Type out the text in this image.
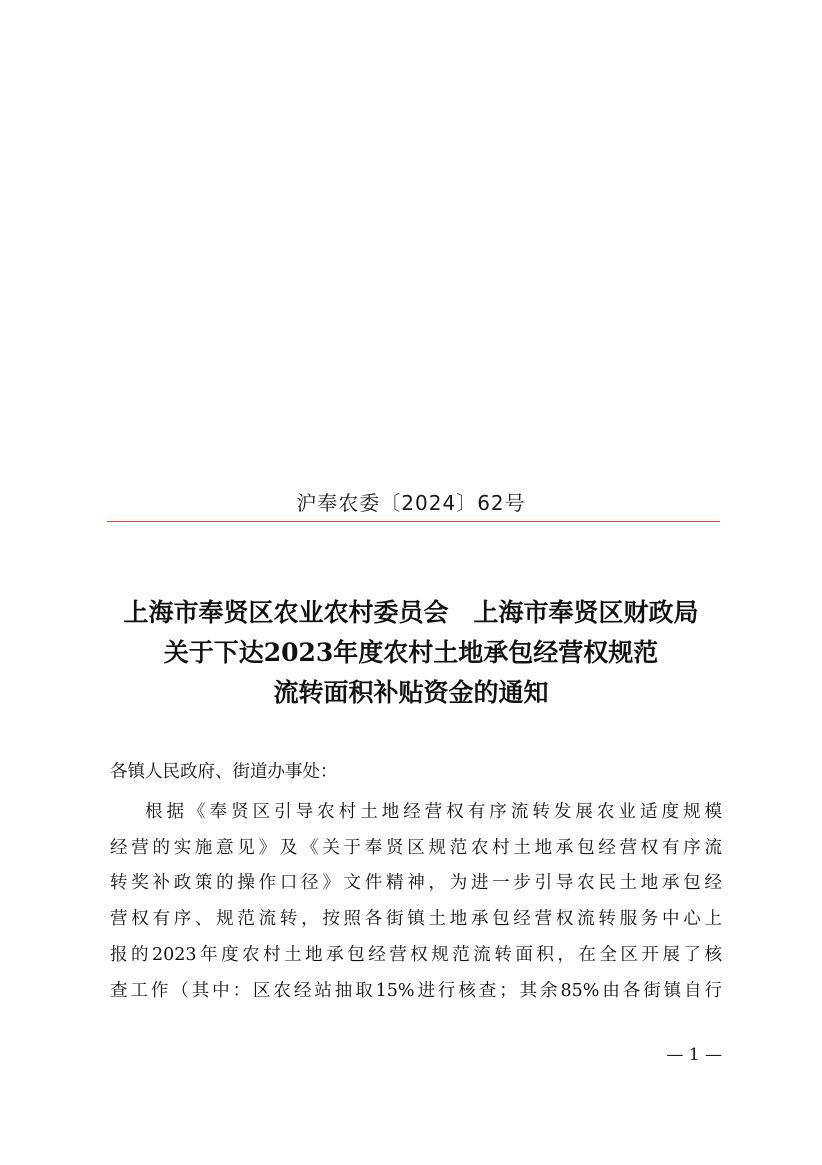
沪奉农委〔2024〕62号

上海市奉贤区农业农村委员会　上海市奉贤区财政局
关于下达2023年度农村土地承包经营权规范
流转面积补贴资金的通知

各镇人民政府、街道办事处：

根据《奉贤区引导农村土地经营权有序流转发展农业适度规模
经营的实施意见》及《关于奉贤区规范农村土地承包经营权有序流
转奖补政策的操作口径》文件精神，为进一步引导农民土地承包经
营权有序、规范流转，按照各街镇土地承包经营权流转服务中心上
报的2023年度农村土地承包经营权规范流转面积，在全区开展了核
查工作（其中：区农经站抽取15%进行核查；其余85%由各街镇自行

— 1 —
